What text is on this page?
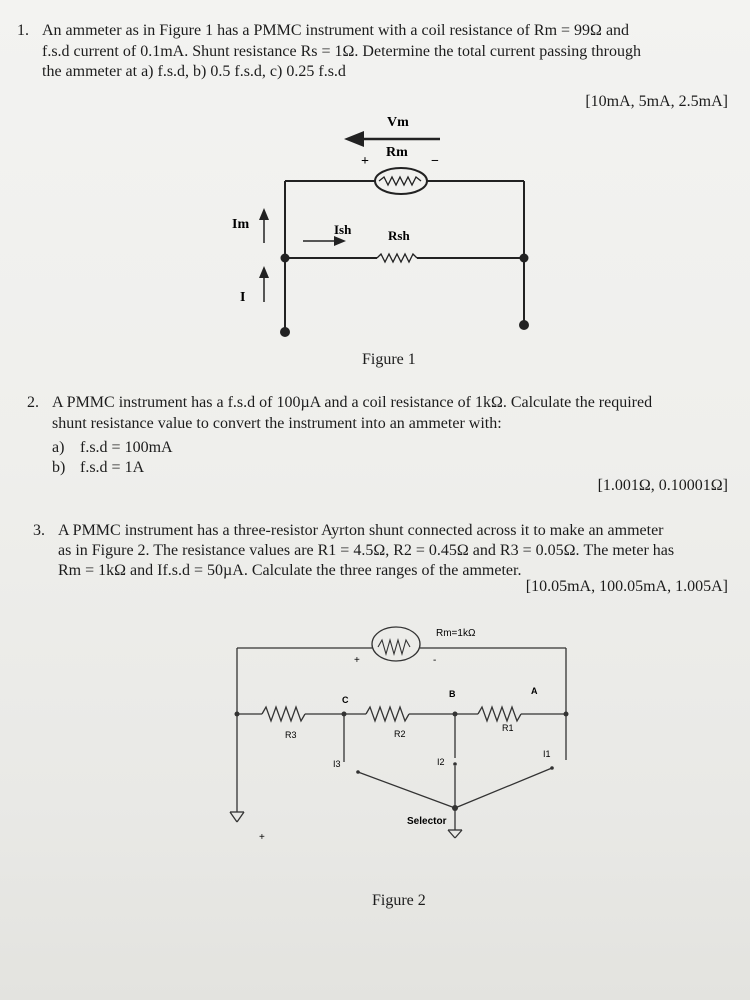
1. An ammeter as in Figure 1 has a PMMC instrument with a coil resistance of Rm = 99Ω and
f.s.d current of 0.1mA. Shunt resistance Rs = 1Ω. Determine the total current passing through
the ammeter at a) f.s.d, b) 0.5 f.s.d, c) 0.25 f.s.d
[10mA, 5mA, 2.5mA]
Vm
Rm
+	−
Im	Ish	Rsh
I
Figure 1
2. A PMMC instrument has a f.s.d of 100µA and a coil resistance of 1kΩ. Calculate the required
shunt resistance value to convert the instrument into an ammeter with:
a) f.s.d = 100mA
b) f.s.d = 1A
[1.001Ω, 0.10001Ω]
3. A PMMC instrument has a three-resistor Ayrton shunt connected across it to make an ammeter
as in Figure 2. The resistance values are R1 = 4.5Ω, R2 = 0.45Ω and R3 = 0.05Ω. The meter has
Rm = 1kΩ and If.s.d = 50µA. Calculate the three ranges of the ammeter.
[10.05mA, 100.05mA, 1.005A]
Rm=1kΩ
+	-
C
B	A
R3	R2
R1
I3	I2
I1
Selector
+
Figure 2
